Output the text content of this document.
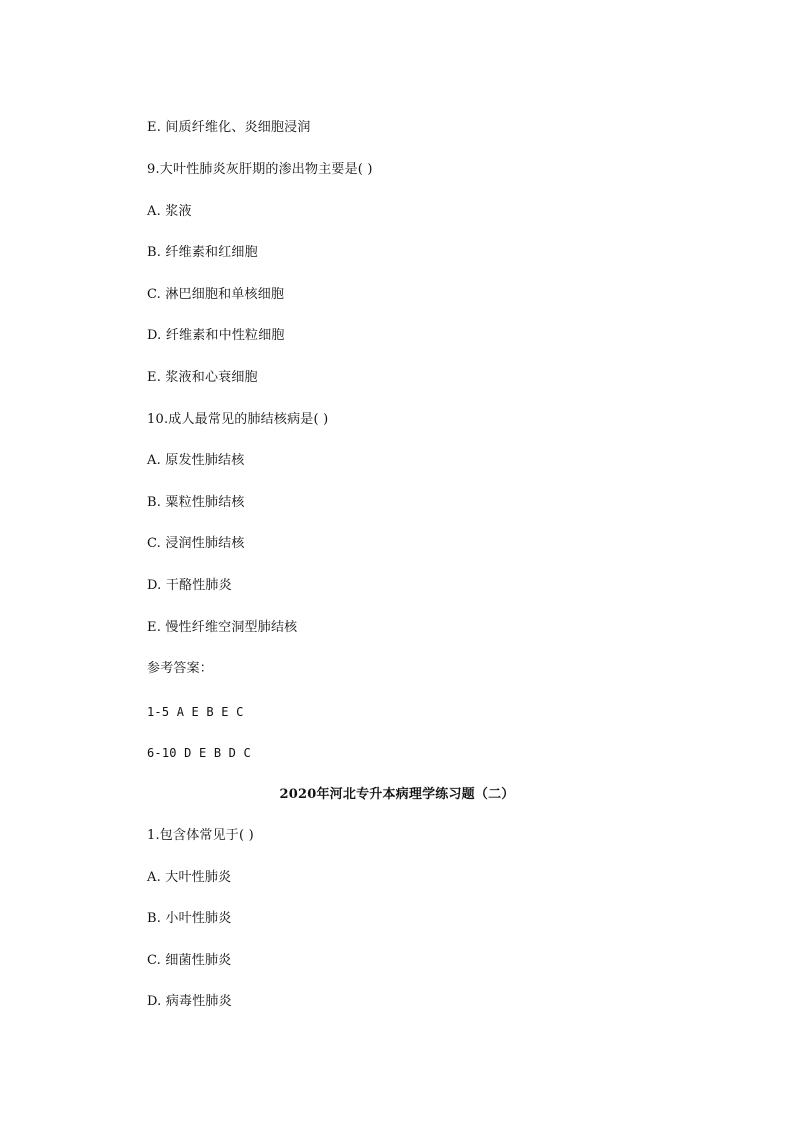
E. 间质纤维化、炎细胞浸润
9.大叶性肺炎灰肝期的渗出物主要是( )
A. 浆液
B. 纤维素和红细胞
C. 淋巴细胞和单核细胞
D. 纤维素和中性粒细胞
E. 浆液和心衰细胞
10.成人最常见的肺结核病是( )
A. 原发性肺结核
B. 粟粒性肺结核
C. 浸润性肺结核
D. 干酪性肺炎
E. 慢性纤维空洞型肺结核
参考答案：
1-5 A E B E C
6-10 D E B D C
2020年河北专升本病理学练习题（二）
1.包含体常见于( )
A. 大叶性肺炎
B. 小叶性肺炎
C. 细菌性肺炎
D. 病毒性肺炎
